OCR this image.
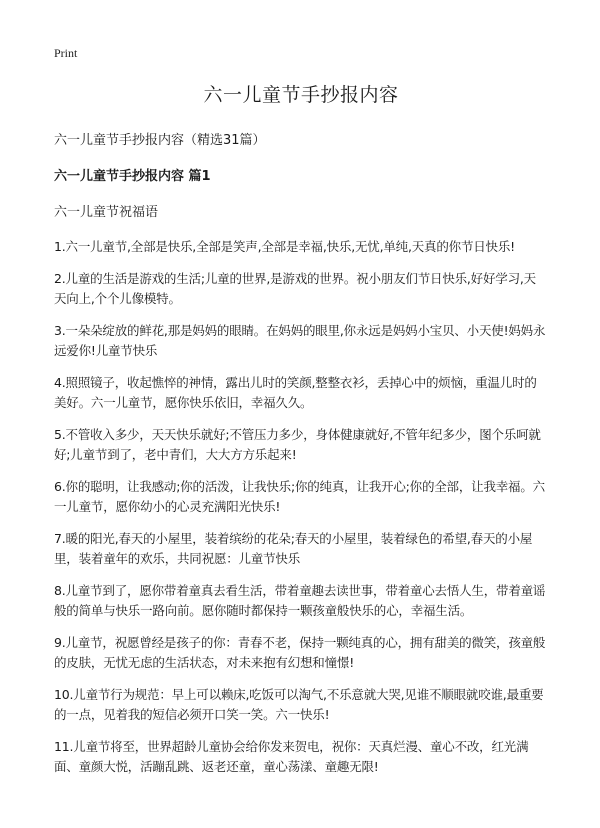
Print
六一儿童节手抄报内容
六一儿童节手抄报内容（精选31篇）
六一儿童节手抄报内容 篇1
六一儿童节祝福语

1.六一儿童节,全部是快乐,全部是笑声,全部是幸福,快乐,无忧,单纯,天真的你节日快乐!

2.儿童的生活是游戏的生活;儿童的世界,是游戏的世界。祝小朋友们节日快乐,好好学习,天天向上,个个儿像模特。

3.一朵朵绽放的鲜花,那是妈妈的眼睛。在妈妈的眼里,你永远是妈妈小宝贝、小天使!妈妈永远爱你!儿童节快乐

4.照照镜子，收起憔悴的神情，露出儿时的笑颜,整整衣衫，丢掉心中的烦恼，重温儿时的美好。六一儿童节，愿你快乐依旧，幸福久久。

5.不管收入多少，天天快乐就好;不管压力多少，身体健康就好,不管年纪多少，图个乐呵就好;儿童节到了，老中青们，大大方方乐起来!

6.你的聪明，让我感动;你的活泼，让我快乐;你的纯真，让我开心;你的全部，让我幸福。六一儿童节，愿你幼小的心灵充满阳光快乐!

7.暖的阳光,春天的小屋里，装着缤纷的花朵;春天的小屋里，装着绿色的希望,春天的小屋里，装着童年的欢乐，共同祝愿：儿童节快乐

8.儿童节到了，愿你带着童真去看生活，带着童趣去读世事，带着童心去悟人生，带着童谣般的简单与快乐一路向前。愿你随时都保持一颗孩童般快乐的心，幸福生活。

9.儿童节，祝愿曾经是孩子的你：青春不老，保持一颗纯真的心，拥有甜美的微笑，孩童般的皮肤，无忧无虑的生活状态，对未来抱有幻想和憧憬!

10.儿童节行为规范：早上可以赖床,吃饭可以淘气,不乐意就大哭,见谁不顺眼就咬谁,最重要的一点，见着我的短信必须开口笑一笑。六一快乐!

11.儿童节将至，世界超龄儿童协会给你发来贺电，祝你：天真烂漫、童心不改，红光满面、童颜大悦，活蹦乱跳、返老还童，童心荡漾、童趣无限!
